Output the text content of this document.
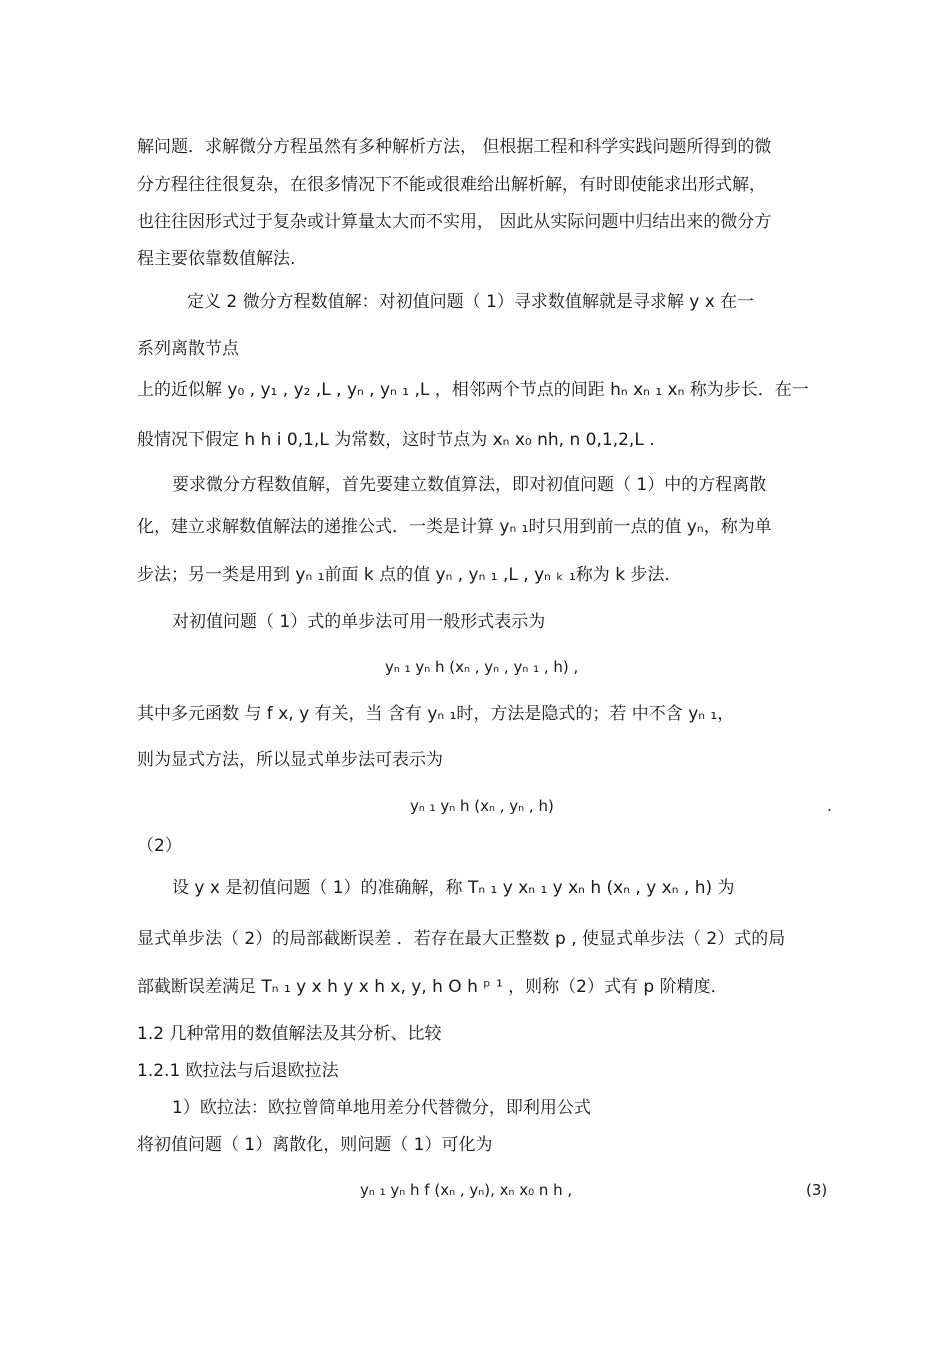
解问题．求解微分方程虽然有多种解析方法， 但根据工程和科学实践问题所得到的微
分方程往往很复杂，在很多情况下不能或很难给出解析解，有时即使能求出形式解，
也往往因形式过于复杂或计算量太大而不实用， 因此从实际问题中归结出来的微分方
程主要依靠数值解法.
定义 2 微分方程数值解：对初值问题（ 1）寻求数值解就是寻求解 y x 在一
系列离散节点
上的近似解 y₀ , y₁ , y₂ ,L , yₙ , yₙ ₁ ,L ，相邻两个节点的间距 hₙ xₙ ₁ xₙ 称为步长．在一
般情况下假定 h h i 0,1,L 为常数，这时节点为 xₙ x₀ nh, n 0,1,2,L .
要求微分方程数值解，首先要建立数值算法，即对初值问题（ 1）中的方程离散
化，建立求解数值解法的递推公式．一类是计算 yₙ ₁时只用到前一点的值 yₙ，称为单
步法；另一类是用到 yₙ ₁前面 k 点的值 yₙ , yₙ ₁ ,L , yₙ ₖ ₁称为 k 步法．
对初值问题（ 1）式的单步法可用一般形式表示为
yₙ ₁ yₙ h (xₙ , yₙ , yₙ ₁ , h) ,
其中多元函数 与 f x, y 有关，当 含有 yₙ ₁时，方法是隐式的；若 中不含 yₙ ₁，
则为显式方法，所以显式单步法可表示为
yₙ ₁ yₙ h (xₙ , yₙ , h)	.
（2）
设 y x 是初值问题（ 1）的准确解，称 Tₙ ₁ y xₙ ₁ y xₙ h (xₙ , y xₙ , h) 为
显式单步法（ 2）的局部截断误差 ．若存在最大正整数 p , 使显式单步法（ 2）式的局
部截断误差满足 Tₙ ₁ y x h y x h x, y, h O h ᵖ ¹ ，则称（2）式有 p 阶精度．
1.2 几种常用的数值解法及其分析、比较
1.2.1 欧拉法与后退欧拉法
1）欧拉法：欧拉曾简单地用差分代替微分，即利用公式
将初值问题（ 1）离散化，则问题（ 1）可化为
yₙ ₁ yₙ h f (xₙ , yₙ), xₙ x₀ n h ,	(3)
